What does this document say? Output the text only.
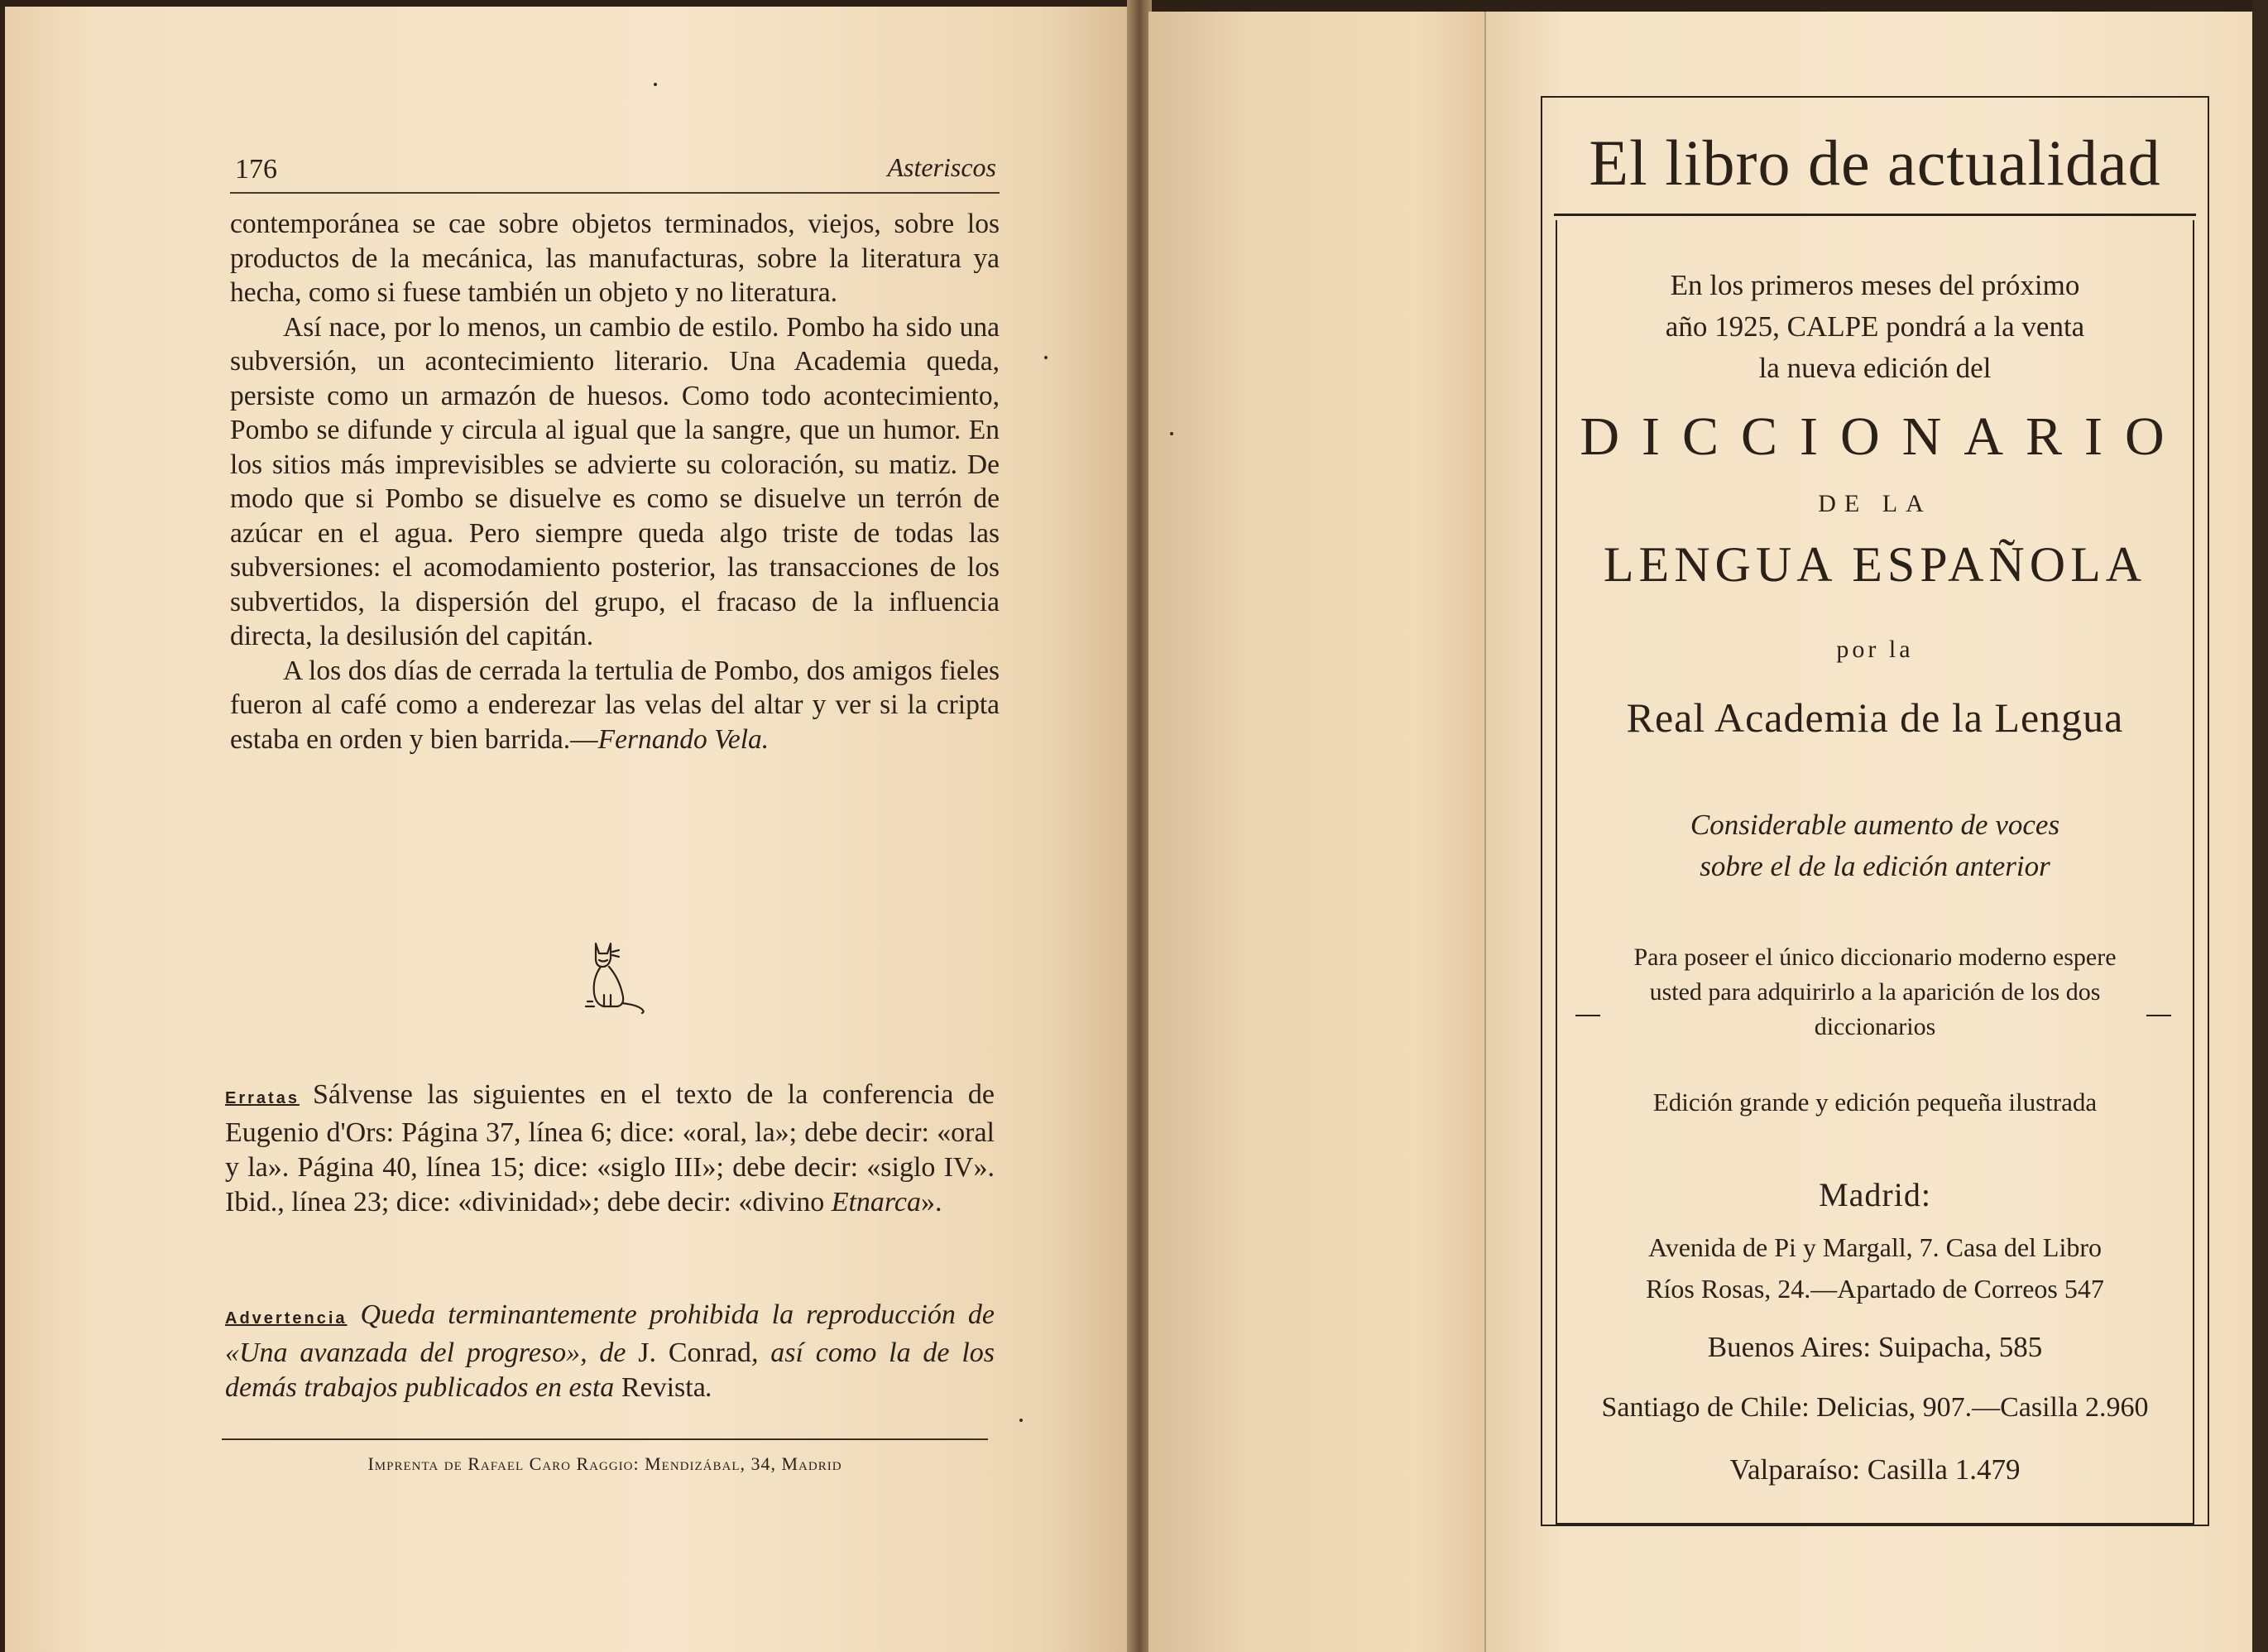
176	Asteriscos

contemporánea se cae sobre objetos terminados, viejos, sobre los productos de la mecánica, las manufacturas, sobre la literatura ya hecha, como si fuese también un objeto y no literatura.

Así nace, por lo menos, un cambio de estilo. Pombo ha sido una subversión, un acontecimiento literario. Una Academia queda, persiste como un armazón de huesos. Como todo acontecimiento, Pombo se difunde y circula al igual que la sangre, que un humor. En los sitios más imprevisibles se advierte su coloración, su matiz. De modo que si Pombo se disuelve es como se disuelve un terrón de azúcar en el agua. Pero siempre queda algo triste de todas las subversiones: el acomodamiento posterior, las transacciones de los subvertidos, la dispersión del grupo, el fracaso de la influencia directa, la desilusión del capitán.

A los dos días de cerrada la tertulia de Pombo, dos amigos fieles fueron al café como a enderezar las velas del altar y ver si la cripta estaba en orden y bien barrida.—Fernando Vela.

Erratas Sálvense las siguientes en el texto de la conferencia de Eugenio d'Ors: Página 37, línea 6; dice: «oral, la»; debe decir: «oral y la». Página 40, línea 15; dice: «siglo III»; debe decir: «siglo IV». Ibid., línea 23; dice: «divinidad»; debe decir: «divino Etnarca».
Advertencia Queda terminantemente prohibida la reproducción de «Una avanzada del progreso», de J. Conrad, así como la de los demás trabajos publicados en esta Revista.
Imprenta de Rafael Caro Raggio: Mendizábal, 34, Madrid
El libro de actualidad
En los primeros meses del próximo
año 1925, CALPE pondrá a la venta
la nueva edición del
DICCIONARIO
DE LA
LENGUA ESPAÑOLA
por la
Real Academia de la Lengua
Considerable aumento de voces
sobre el de la edición anterior
Para poseer el único diccionario moderno espere
usted para adquirirlo a la aparición de los dos
diccionarios
Edición grande y edición pequeña ilustrada
Madrid:
Avenida de Pi y Margall, 7. Casa del Libro
Ríos Rosas, 24.—Apartado de Correos 547
Buenos Aires: Suipacha, 585
Santiago de Chile: Delicias, 907.—Casilla 2.960
Valparaíso: Casilla 1.479
